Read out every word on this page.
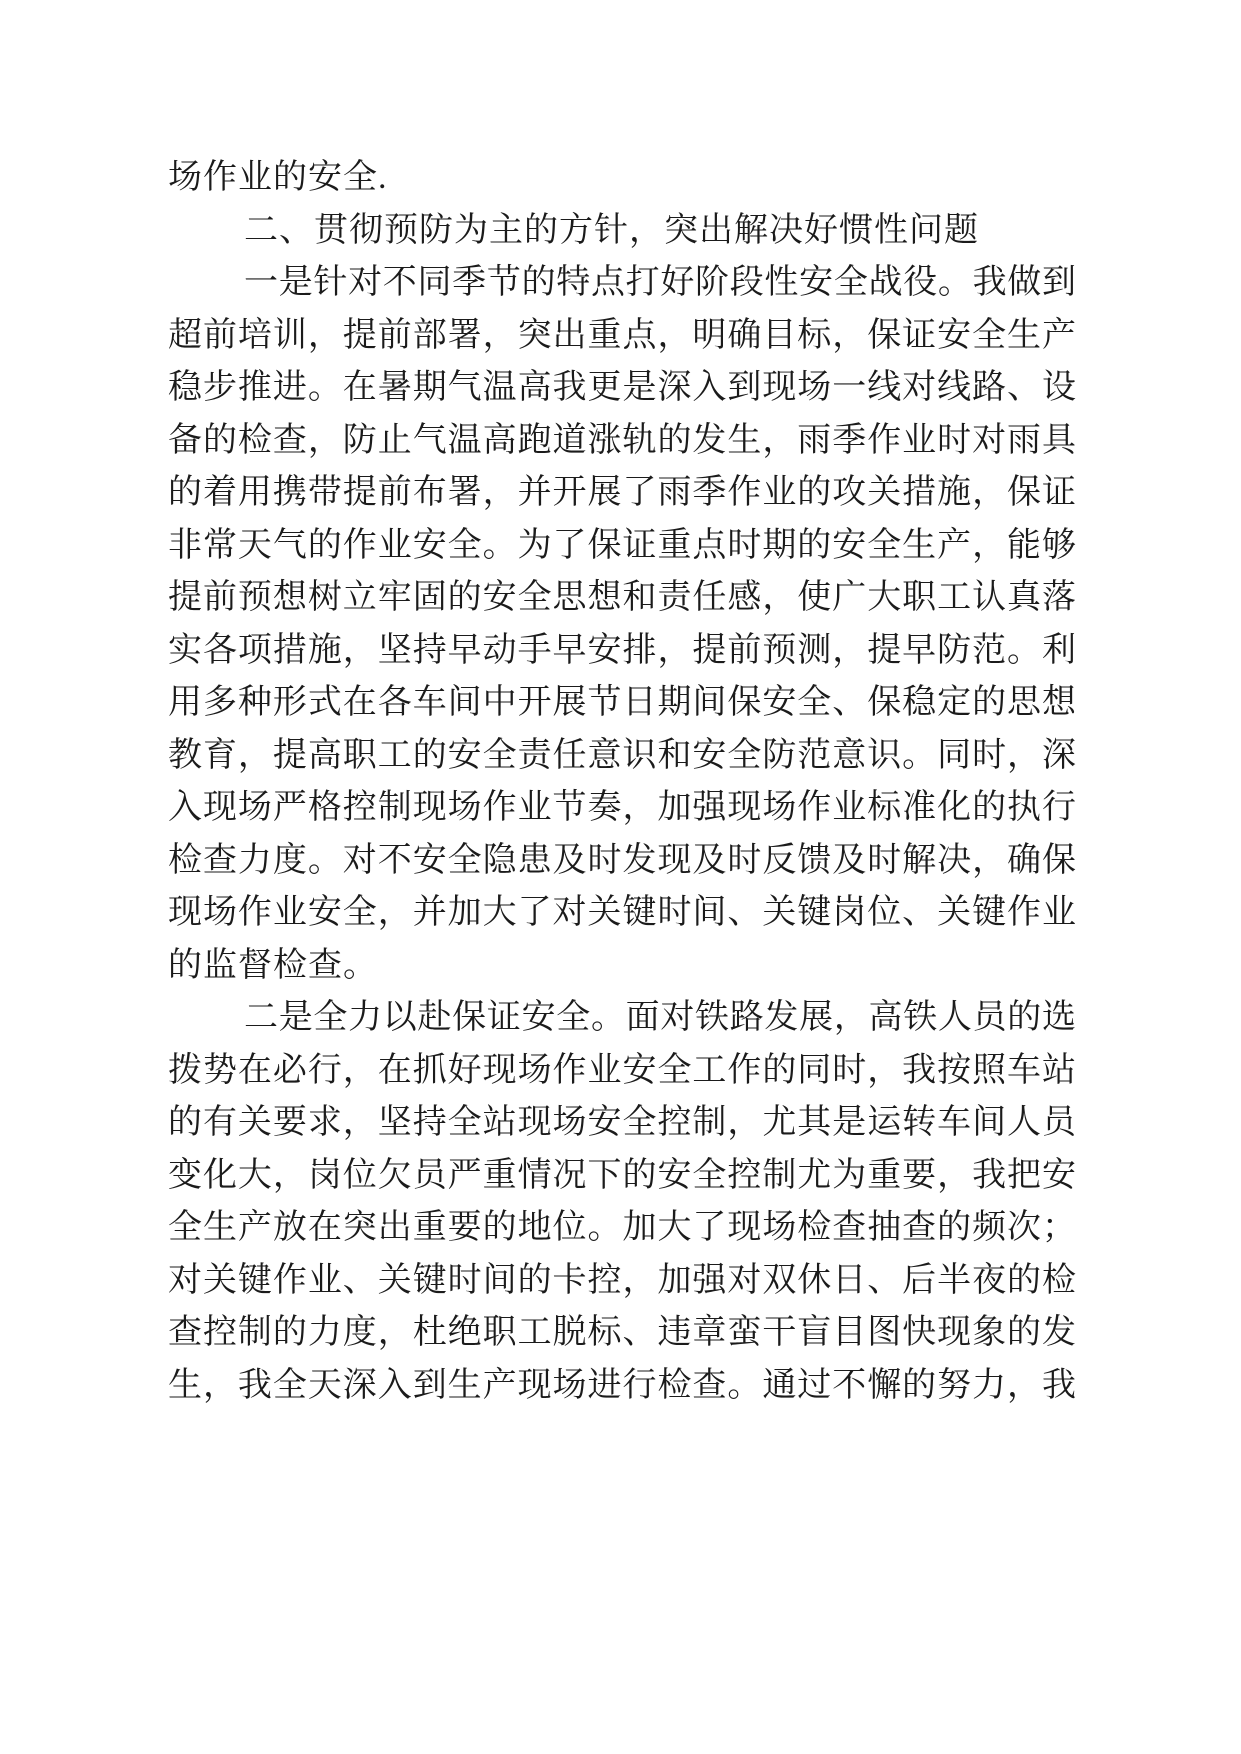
场作业的安全.
二、贯彻预防为主的方针，突出解决好惯性问题
一是针对不同季节的特点打好阶段性安全战役。我做到
超前培训，提前部署，突出重点，明确目标，保证安全生产
稳步推进。在暑期气温高我更是深入到现场一线对线路、设
备的检查，防止气温高跑道涨轨的发生，雨季作业时对雨具
的着用携带提前布署，并开展了雨季作业的攻关措施，保证
非常天气的作业安全。为了保证重点时期的安全生产，能够
提前预想树立牢固的安全思想和责任感，使广大职工认真落
实各项措施，坚持早动手早安排，提前预测，提早防范。利
用多种形式在各车间中开展节日期间保安全、保稳定的思想
教育，提高职工的安全责任意识和安全防范意识。同时，深
入现场严格控制现场作业节奏，加强现场作业标准化的执行
检查力度。对不安全隐患及时发现及时反馈及时解决，确保
现场作业安全，并加大了对关键时间、关键岗位、关键作业
的监督检查。
二是全力以赴保证安全。面对铁路发展，高铁人员的选
拨势在必行，在抓好现场作业安全工作的同时，我按照车站
的有关要求，坚持全站现场安全控制，尤其是运转车间人员
变化大，岗位欠员严重情况下的安全控制尤为重要，我把安
全生产放在突出重要的地位。加大了现场检查抽查的频次；
对关键作业、关键时间的卡控，加强对双休日、后半夜的检
查控制的力度，杜绝职工脱标、违章蛮干盲目图快现象的发
生，我全天深入到生产现场进行检查。通过不懈的努力，我
